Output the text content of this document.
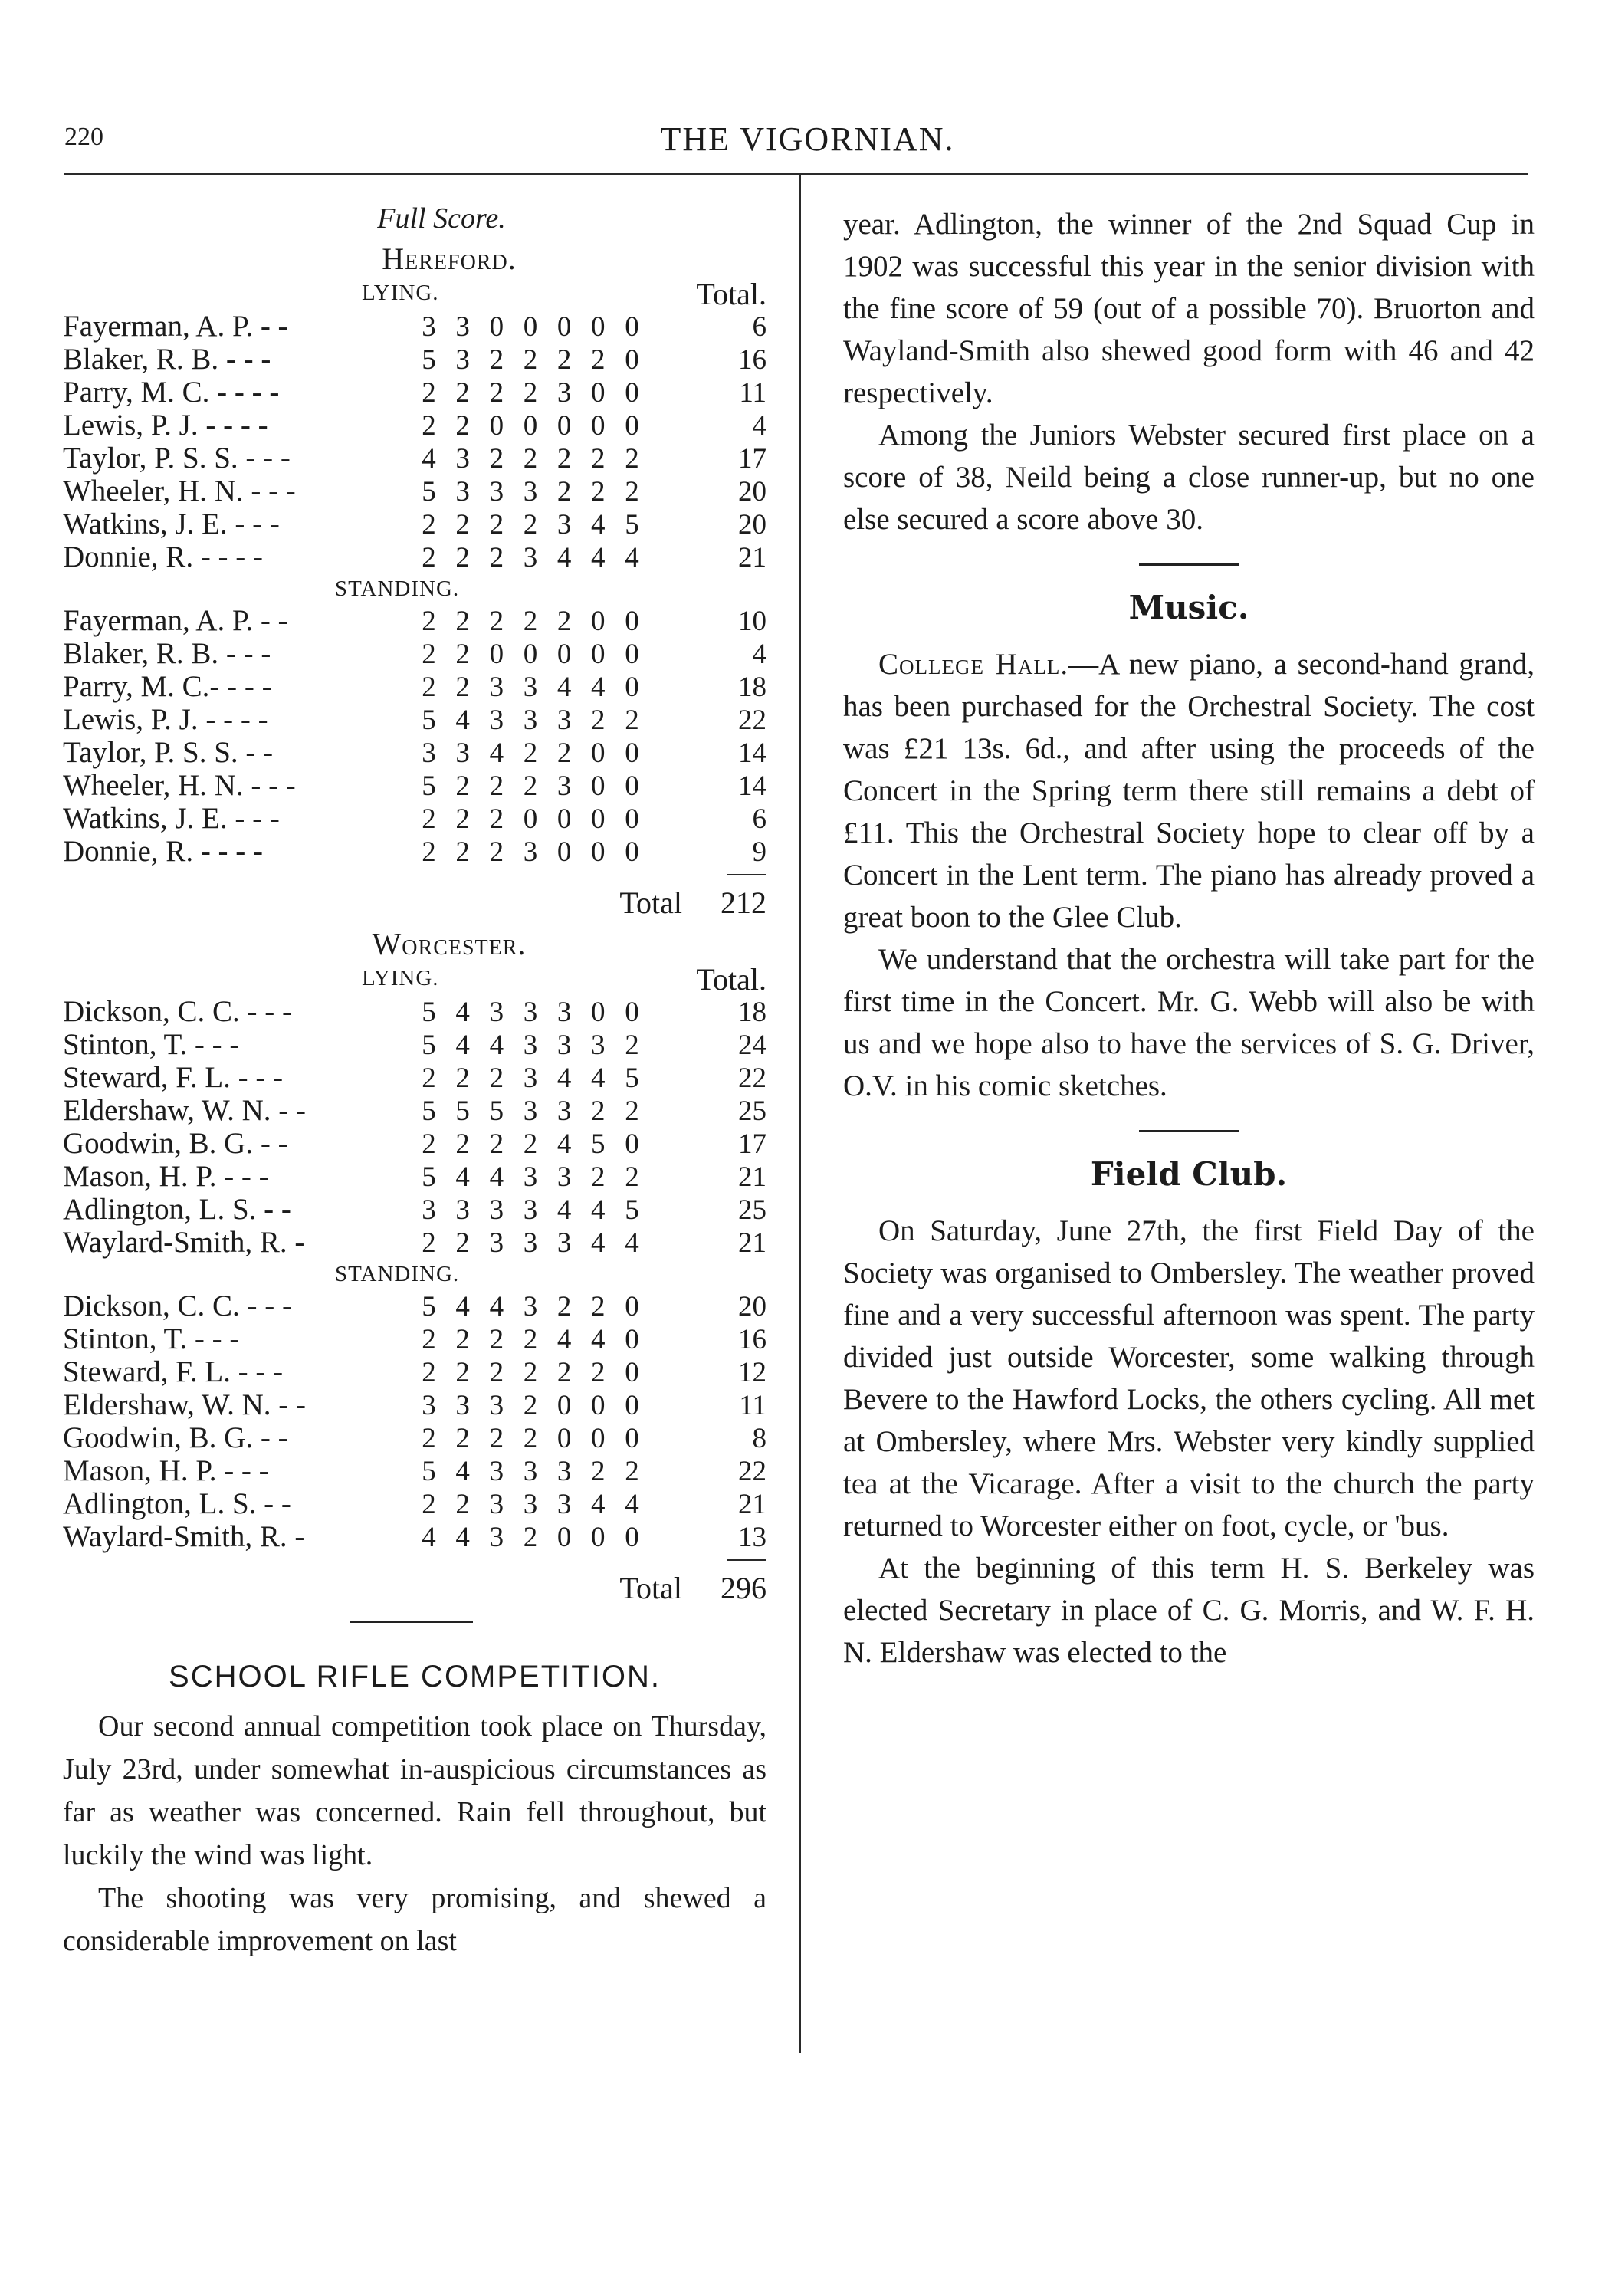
220	THE VIGORNIAN.
Full Score.
Hereford.
LYING.	Total.
Fayerman, A. P. - -	3 3 0 0 0 0 0	6
Blaker, R. B. - - -	5 3 2 2 2 2 0	16
Parry, M. C. - - - -	2 2 2 2 3 0 0	11
Lewis, P. J. - - - -	2 2 0 0 0 0 0	4
Taylor, P. S. S. - - -	4 3 2 2 2 2 2	17
Wheeler, H. N. - - -	5 3 3 3 2 2 2	20
Watkins, J. E. - - -	2 2 2 2 3 4 5	20
Donnie, R. - - - -	2 2 2 3 4 4 4	21
STANDING.
Fayerman, A. P. - -	2 2 2 2 2 0 0	10
Blaker, R. B. - - -	2 2 0 0 0 0 0	4
Parry, M. C.- - - -	2 2 3 3 4 4 0	18
Lewis, P. J. - - - -	5 4 3 3 3 2 2	22
Taylor, P. S. S. - -	3 3 4 2 2 0 0	14
Wheeler, H. N. - - -	5 2 2 2 3 0 0	14
Watkins, J. E. - - -	2 2 2 0 0 0 0	6
Donnie, R. - - - -	2 2 2 3 0 0 0	9
Total 212
Worcester.
LYING.	Total.
Dickson, C. C. - - -	5 4 3 3 3 0 0	18
Stinton, T. - - -	5 4 4 3 3 3 2	24
Steward, F. L. - - -	2 2 2 3 4 4 5	22
Eldershaw, W. N. - -	5 5 5 3 3 2 2	25
Goodwin, B. G. - -	2 2 2 2 4 5 0	17
Mason, H. P. - - -	5 4 4 3 3 2 2	21
Adlington, L. S. - -	3 3 3 3 4 4 5	25
Waylard-Smith, R. -	2 2 3 3 3 4 4	21
STANDING.
Dickson, C. C. - - -	5 4 4 3 2 2 0	20
Stinton, T. - - -	2 2 2 2 4 4 0	16
Steward, F. L. - - -	2 2 2 2 2 2 0	12
Eldershaw, W. N. - -	3 3 3 2 0 0 0	11
Goodwin, B. G. - -	2 2 2 2 0 0 0	8
Mason, H. P. - - -	5 4 3 3 3 2 2	22
Adlington, L. S. - -	2 2 3 3 3 4 4	21
Waylard-Smith, R. -	4 4 3 2 0 0 0	13
Total 296
SCHOOL RIFLE COMPETITION.

Our second annual competition took place on Thursday, July 23rd, under somewhat in-auspicious circumstances as far as weather was concerned. Rain fell throughout, but luckily the wind was light.

The shooting was very promising, and shewed a considerable improvement on last

year. Adlington, the winner of the 2nd Squad Cup in 1902 was successful this year in the senior division with the fine score of 59 (out of a possible 70). Bruorton and Wayland-Smith also shewed good form with 46 and 42 respectively.

Among the Juniors Webster secured first place on a score of 38, Neild being a close runner-up, but no one else secured a score above 30.

Music.

College Hall.—A new piano, a second-hand grand, has been purchased for the Orchestral Society. The cost was £21 13s. 6d., and after using the proceeds of the Concert in the Spring term there still remains a debt of £11. This the Orchestral Society hope to clear off by a Concert in the Lent term. The piano has already proved a great boon to the Glee Club.

We understand that the orchestra will take part for the first time in the Concert. Mr. G. Webb will also be with us and we hope also to have the services of S. G. Driver, O.V. in his comic sketches.

Field Club.

On Saturday, June 27th, the first Field Day of the Society was organised to Ombersley. The weather proved fine and a very successful afternoon was spent. The party divided just outside Worcester, some walking through Bevere to the Hawford Locks, the others cycling. All met at Ombersley, where Mrs. Webster very kindly supplied tea at the Vicarage. After a visit to the church the party returned to Worcester either on foot, cycle, or 'bus.

At the beginning of this term H. S. Berkeley was elected Secretary in place of C. G. Morris, and W. F. H. N. Eldershaw was elected to the
